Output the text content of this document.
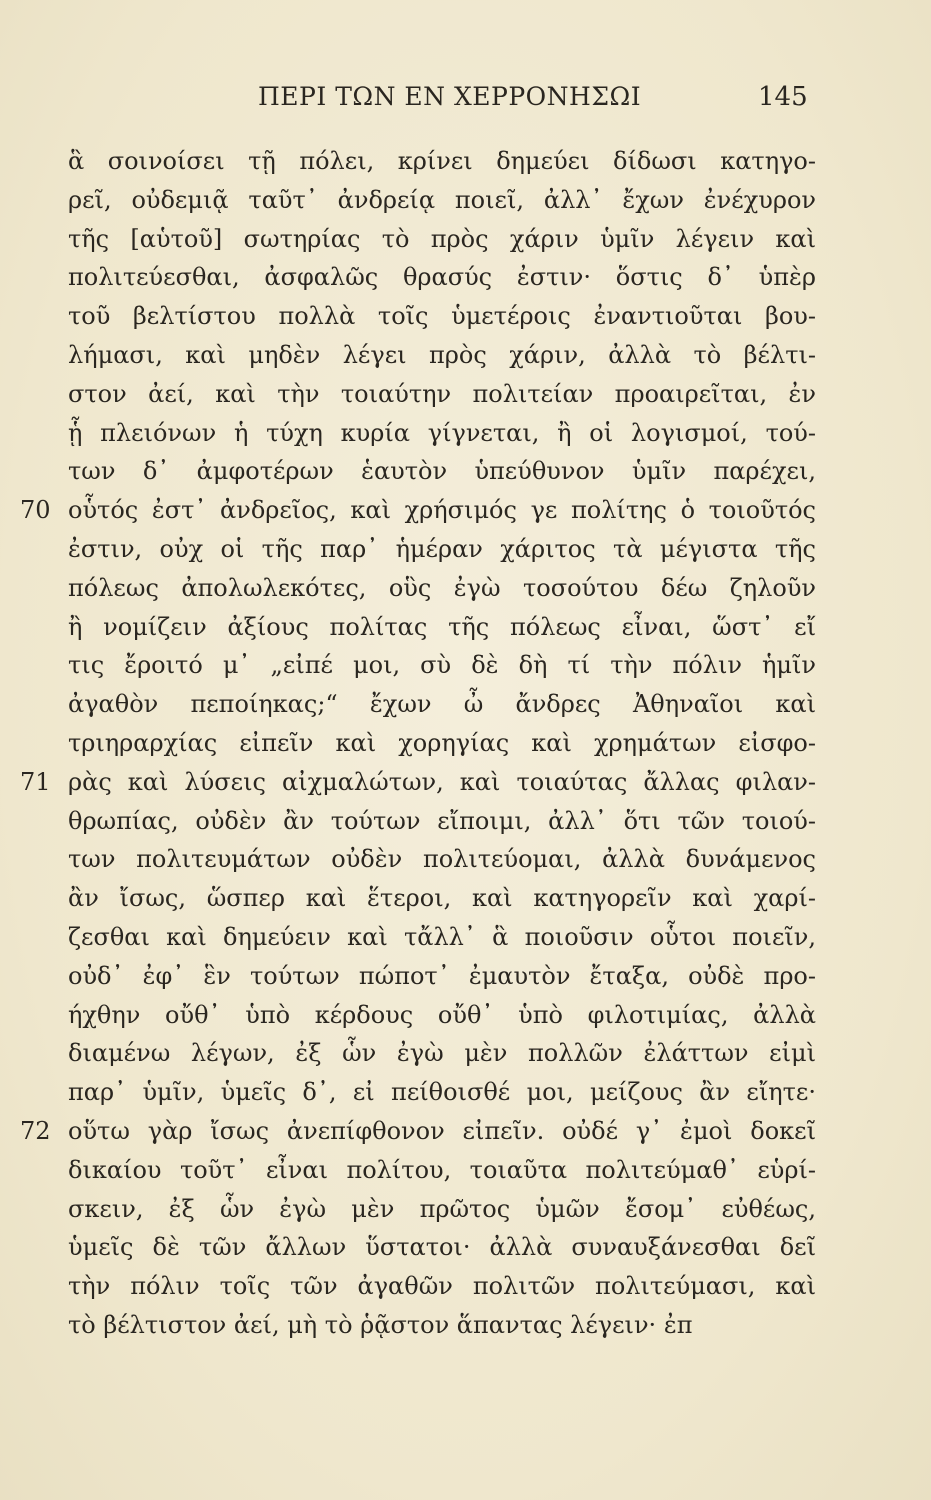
ΠΕΡΙ ΤΩΝ ΕΝ ΧΕΡΡΟΝΗΣΩΙ	145
ἃ σοινοίσει τῇ πόλει, κρίνει δημεύει δίδωσι κατηγο-
ρεῖ, οὐδεμιᾷ ταῦτ᾽ ἀνδρείᾳ ποιεῖ, ἀλλ᾽ ἔχων ἐνέχυρον
τῆς [αὑτοῦ] σωτηρίας τὸ πρὸς χάριν ὑμῖν λέγειν καὶ
πολιτεύεσθαι, ἀσφαλῶς θρασύς ἐστιν· ὅστις δ᾽ ὑπὲρ
τοῦ βελτίστου πολλὰ τοῖς ὑμετέροις ἐναντιοῦται βου-
λήμασι, καὶ μηδὲν λέγει πρὸς χάριν, ἀλλὰ τὸ βέλτι-
στον ἀεί, καὶ τὴν τοιαύτην πολιτείαν προαιρεῖται, ἐν
ᾗ πλειόνων ἡ τύχη κυρία γίγνεται, ἢ οἱ λογισμοί, τού-
των δ᾽ ἀμφοτέρων ἑαυτὸν ὑπεύθυνον ὑμῖν παρέχει,
70 οὗτός ἐστ᾽ ἀνδρεῖος, καὶ χρήσιμός γε πολίτης ὁ τοιοῦτός
ἐστιν, οὐχ οἱ τῆς παρ᾽ ἡμέραν χάριτος τὰ μέγιστα τῆς
πόλεως ἀπολωλεκότες, οὓς ἐγὼ τοσούτου δέω ζηλοῦν
ἢ νομίζειν ἀξίους πολίτας τῆς πόλεως εἶναι, ὥστ᾽ εἴ
τις ἔροιτό μ᾽ „εἰπέ μοι, σὺ δὲ δὴ τί τὴν πόλιν ἡμῖν
ἀγαθὸν πεποίηκας;“ ἔχων ὦ ἄνδρες Ἀθηναῖοι καὶ
τριηραρχίας εἰπεῖν καὶ χορηγίας καὶ χρημάτων εἰσφο-
71 ρὰς καὶ λύσεις αἰχμαλώτων, καὶ τοιαύτας ἄλλας φιλαν-
θρωπίας, οὐδὲν ἂν τούτων εἴποιμι, ἀλλ᾽ ὅτι τῶν τοιού-
των πολιτευμάτων οὐδὲν πολιτεύομαι, ἀλλὰ δυνάμενος
ἂν ἴσως, ὥσπερ καὶ ἕτεροι, καὶ κατηγορεῖν καὶ χαρί-
ζεσθαι καὶ δημεύειν καὶ τἄλλ᾽ ἃ ποιοῦσιν οὗτοι ποιεῖν,
οὐδ᾽ ἐφ᾽ ἓν τούτων πώποτ᾽ ἐμαυτὸν ἔταξα, οὐδὲ προ-
ήχθην οὔθ᾽ ὑπὸ κέρδους οὔθ᾽ ὑπὸ φιλοτιμίας, ἀλλὰ
διαμένω λέγων, ἐξ ὧν ἐγὼ μὲν πολλῶν ἐλάττων εἰμὶ
παρ᾽ ὑμῖν, ὑμεῖς δ᾽, εἰ πείθοισθέ μοι, μείζους ἂν εἴητε·
72 οὕτω γὰρ ἴσως ἀνεπίφθονον εἰπεῖν. οὐδέ γ᾽ ἐμοὶ δοκεῖ
δικαίου τοῦτ᾽ εἶναι πολίτου, τοιαῦτα πολιτεύμαθ᾽ εὑρί-
σκειν, ἐξ ὧν ἐγὼ μὲν πρῶτος ὑμῶν ἔσομ᾽ εὐθέως,
ὑμεῖς δὲ τῶν ἄλλων ὕστατοι· ἀλλὰ συναυξάνεσθαι δεῖ
τὴν πόλιν τοῖς τῶν ἀγαθῶν πολιτῶν πολιτεύμασι, καὶ
τὸ βέλτιστον ἀεί, μὴ τὸ ῥᾷστον ἅπαντας λέγειν· ἐπ
